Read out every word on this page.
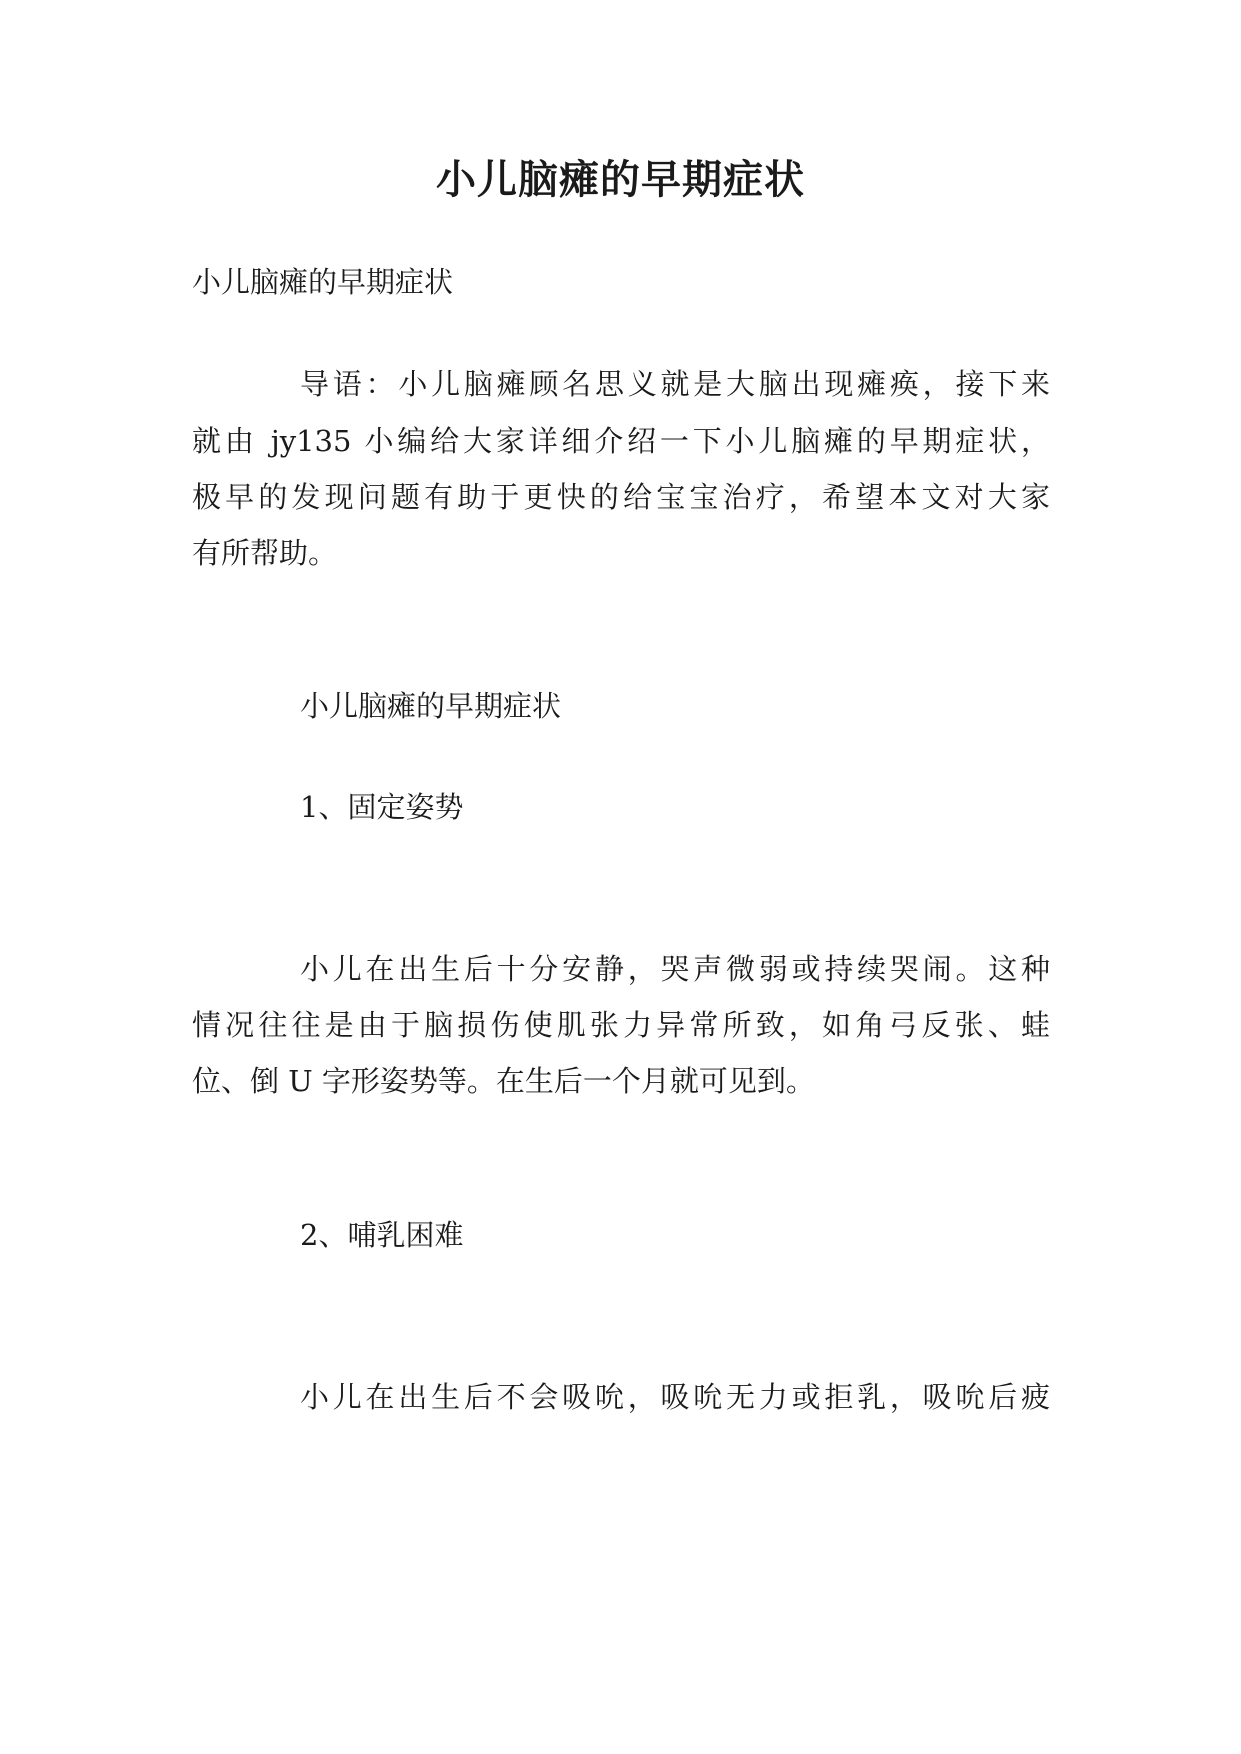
小儿脑瘫的早期症状

小儿脑瘫的早期症状

导语：小儿脑瘫顾名思义就是大脑出现瘫痪，接下来

就由 jy135 小编给大家详细介绍一下小儿脑瘫的早期症状，

极早的发现问题有助于更快的给宝宝治疗，希望本文对大家

有所帮助。

小儿脑瘫的早期症状

1、固定姿势

小儿在出生后十分安静，哭声微弱或持续哭闹。这种

情况往往是由于脑损伤使肌张力异常所致，如角弓反张、蛙

位、倒 U 字形姿势等。在生后一个月就可见到。

2、哺乳困难

小儿在出生后不会吸吮，吸吮无力或拒乳，吸吮后疲
